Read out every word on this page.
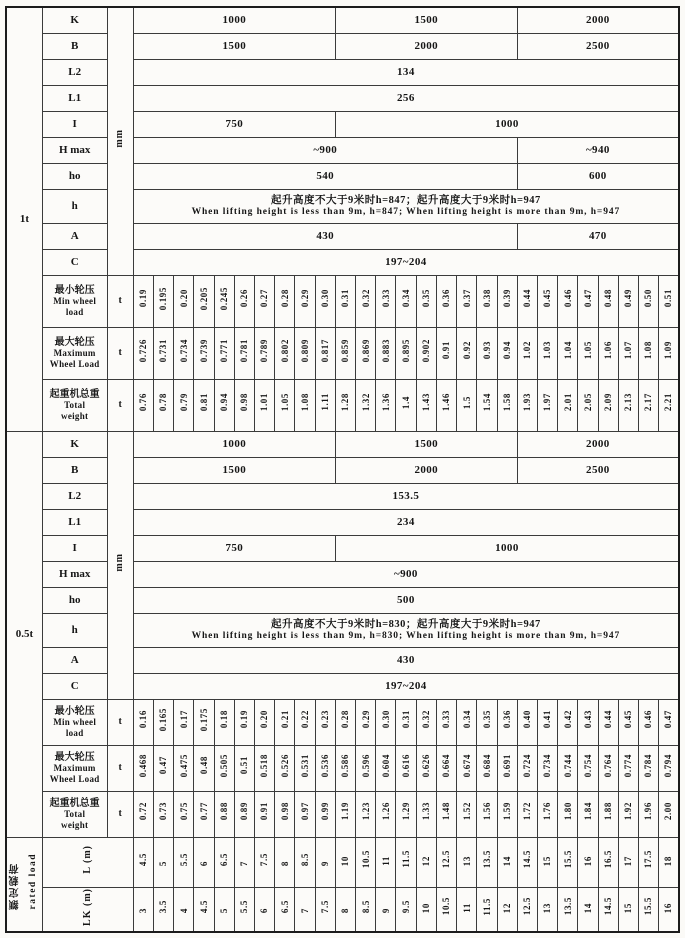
1t	K	mm	1000										1500									2000							
	B		1500										2000									2500							
	L2		134																										
	L1		256																										
	I		750										1000																
	H max		~900																			~940							
	ho		540																			600							
	h		起升高度不大于9米时h=847；起升高度大于9米时h=947
When lifting height is less than 9m, h=847; When lifting height is more than 9m, h=947																										

	A		430																			470							
	C		197~204																										

	最小轮压
Min wheel
load	t	0.19	0.195	0.20	0.205	0.245	0.26	0.27	0.28	0.29	0.30	0.31	0.32	0.33	0.34	0.35	0.36	0.37	0.38	0.39	0.44	0.45	0.46	0.47	0.48	0.49	0.50	0.51

	最大轮压
Maximum
Wheel Load	t	0.726	0.731	0.734	0.739	0.771	0.781	0.789	0.802	0.809	0.817	0.859	0.869	0.883	0.895	0.902	0.91	0.92	0.93	0.94	1.02	1.03	1.04	1.05	1.06	1.07	1.08	1.09

	起重机总重
Total
weight	t	0.76	0.78	0.79	0.81	0.94	0.98	1.01	1.05	1.08	1.11	1.28	1.32	1.36	1.4	1.43	1.46	1.5	1.54	1.58	1.93	1.97	2.01	2.05	2.09	2.13	2.17	2.21
0.5t	K	mm	1000										1500									2000							
	B		1500										2000									2500							
	L2		153.5																										
	L1		234																										
	I		750										1000																
	H max		~900																										
	ho		500																										
	h		起升高度不大于9米时h=830；起升高度大于9米时h=947
When lifting height is less than 9m, h=830; When lifting height is more than 9m, h=947																										

	A		430																										
	C		197~204																										

	最小轮压
Min wheel
load	t	0.16	0.165	0.17	0.175	0.18	0.19	0.20	0.21	0.22	0.23	0.28	0.29	0.30	0.31	0.32	0.33	0.34	0.35	0.36	0.40	0.41	0.42	0.43	0.44	0.45	0.46	0.47

	最大轮压
Maximum
Wheel Load	t	0.468	0.47	0.475	0.48	0.505	0.51	0.518	0.526	0.531	0.536	0.586	0.596	0.604	0.616	0.626	0.664	0.674	0.684	0.691	0.724	0.734	0.744	0.754	0.764	0.774	0.784	0.794

	起重机总重
Total
weight	t	0.72	0.73	0.75	0.77	0.88	0.89	0.91	0.98	0.97	0.99	1.19	1.23	1.26	1.29	1.33	1.48	1.52	1.56	1.59	1.72	1.76	1.80	1.84	1.88	1.92	1.96	2.00
额定载荷 rated load	L (m)		4.5	5	5.5	6	6.5	7	7.5	8	8.5	9	10	10.5	11	11.5	12	12.5	13	13.5	14	14.5	15	15.5	16	16.5	17	17.5	18
	LK (m)		3	3.5	4	4.5	5	5.5	6	6.5	7	7.5	8	8.5	9	9.5	10	10.5	11	11.5	12	12.5	13	13.5	14	14.5	15	15.5	16
